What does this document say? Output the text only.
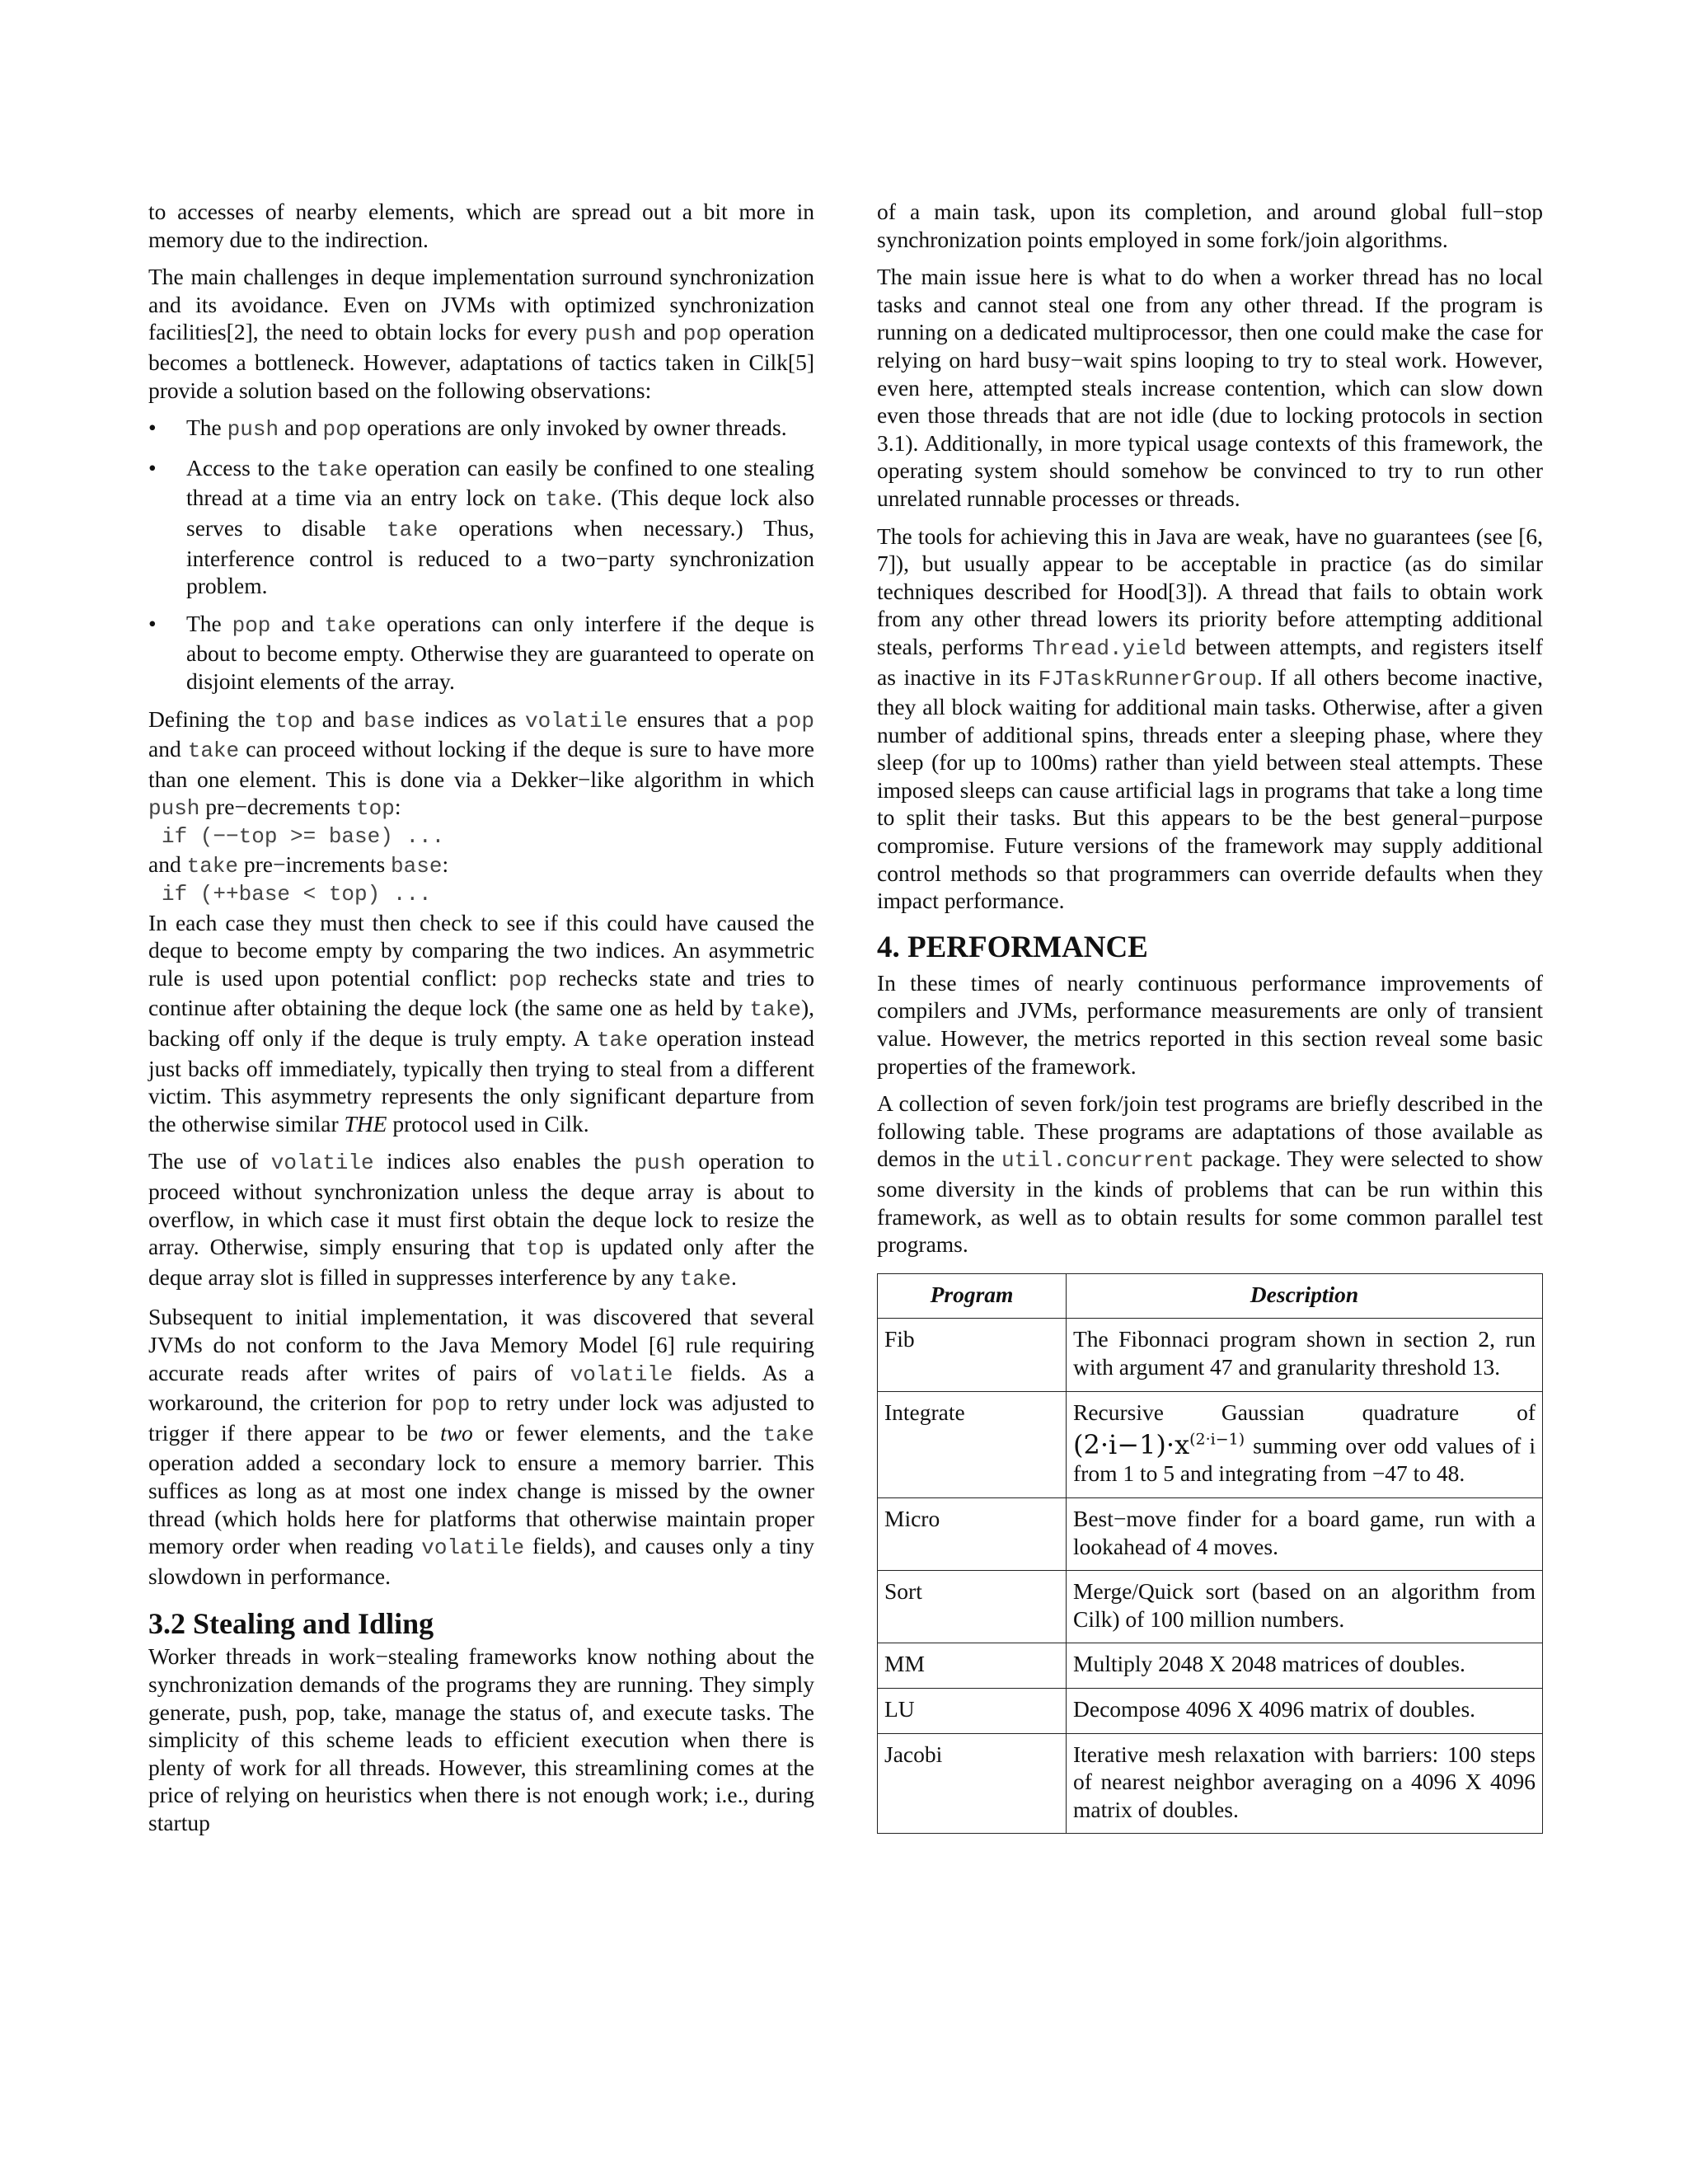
to accesses of nearby elements, which are spread out a bit more in memory due to the indirection.

The main challenges in deque implementation surround synchronization and its avoidance. Even on JVMs with optimized synchronization facilities[2], the need to obtain locks for every push and pop operation becomes a bottleneck. However, adaptations of tactics taken in Cilk[5] provide a solution based on the following observations:

• The push and pop operations are only invoked by owner threads.
• Access to the take operation can easily be confined to one stealing thread at a time via an entry lock on take. (This deque lock also serves to disable take operations when necessary.) Thus, interference control is reduced to a two−party synchronization problem.
• The pop and take operations can only interfere if the deque is about to become empty. Otherwise they are guaranteed to operate on disjoint elements of the array.

Defining the top and base indices as volatile ensures that a pop and take can proceed without locking if the deque is sure to have more than one element. This is done via a Dekker−like algorithm in which push pre−decrements top:

if (−−top >= base) ...

and take pre−increments base:

if (++base < top) ...

In each case they must then check to see if this could have caused the deque to become empty by comparing the two indices. An asymmetric rule is used upon potential conflict: pop rechecks state and tries to continue after obtaining the deque lock (the same one as held by take), backing off only if the deque is truly empty. A take operation instead just backs off immediately, typically then trying to steal from a different victim. This asymmetry represents the only significant departure from the otherwise similar THE protocol used in Cilk.

The use of volatile indices also enables the push operation to proceed without synchronization unless the deque array is about to overflow, in which case it must first obtain the deque lock to resize the array. Otherwise, simply ensuring that top is updated only after the deque array slot is filled in suppresses interference by any take.

Subsequent to initial implementation, it was discovered that several JVMs do not conform to the Java Memory Model [6] rule requiring accurate reads after writes of pairs of volatile fields. As a workaround, the criterion for pop to retry under lock was adjusted to trigger if there appear to be two or fewer elements, and the take operation added a secondary lock to ensure a memory barrier. This suffices as long as at most one index change is missed by the owner thread (which holds here for platforms that otherwise maintain proper memory order when reading volatile fields), and causes only a tiny slowdown in performance.

3.2 Stealing and Idling

Worker threads in work−stealing frameworks know nothing about the synchronization demands of the programs they are running. They simply generate, push, pop, take, manage the status of, and execute tasks. The simplicity of this scheme leads to efficient execution when there is plenty of work for all threads. However, this streamlining comes at the price of relying on heuristics when there is not enough work; i.e., during startup

of a main task, upon its completion, and around global full−stop synchronization points employed in some fork/join algorithms.

The main issue here is what to do when a worker thread has no local tasks and cannot steal one from any other thread. If the program is running on a dedicated multiprocessor, then one could make the case for relying on hard busy−wait spins looping to try to steal work. However, even here, attempted steals increase contention, which can slow down even those threads that are not idle (due to locking protocols in section 3.1). Additionally, in more typical usage contexts of this framework, the operating system should somehow be convinced to try to run other unrelated runnable processes or threads.

The tools for achieving this in Java are weak, have no guarantees (see [6, 7]), but usually appear to be acceptable in practice (as do similar techniques described for Hood[3]). A thread that fails to obtain work from any other thread lowers its priority before attempting additional steals, performs Thread.yield between attempts, and registers itself as inactive in its FJTaskRunnerGroup. If all others become inactive, they all block waiting for additional main tasks. Otherwise, after a given number of additional spins, threads enter a sleeping phase, where they sleep (for up to 100ms) rather than yield between steal attempts. These imposed sleeps can cause artificial lags in programs that take a long time to split their tasks. But this appears to be the best general−purpose compromise. Future versions of the framework may supply additional control methods so that programmers can override defaults when they impact performance.

4. PERFORMANCE

In these times of nearly continuous performance improvements of compilers and JVMs, performance measurements are only of transient value. However, the metrics reported in this section reveal some basic properties of the framework.

A collection of seven fork/join test programs are briefly described in the following table. These programs are adaptations of those available as demos in the util.concurrent package. They were selected to show some diversity in the kinds of problems that can be run within this framework, as well as to obtain results for some common parallel test programs.

Program	Description
Fib	The Fibonnaci program shown in section 2, run with argument 47 and granularity threshold 13.
Integrate	Recursive Gaussian quadrature of $(2\cdot i-1)\cdot x^{(2\cdot i-1)}$ summing over odd values of i from 1 to 5 and integrating from −47 to 48.
Micro	Best−move finder for a board game, run with a lookahead of 4 moves.
Sort	Merge/Quick sort (based on an algorithm from Cilk) of 100 million numbers.
MM	Multiply 2048 X 2048 matrices of doubles.
LU	Decompose 4096 X 4096 matrix of doubles.
Jacobi	Iterative mesh relaxation with barriers: 100 steps of nearest neighbor averaging on a 4096 X 4096 matrix of doubles.
